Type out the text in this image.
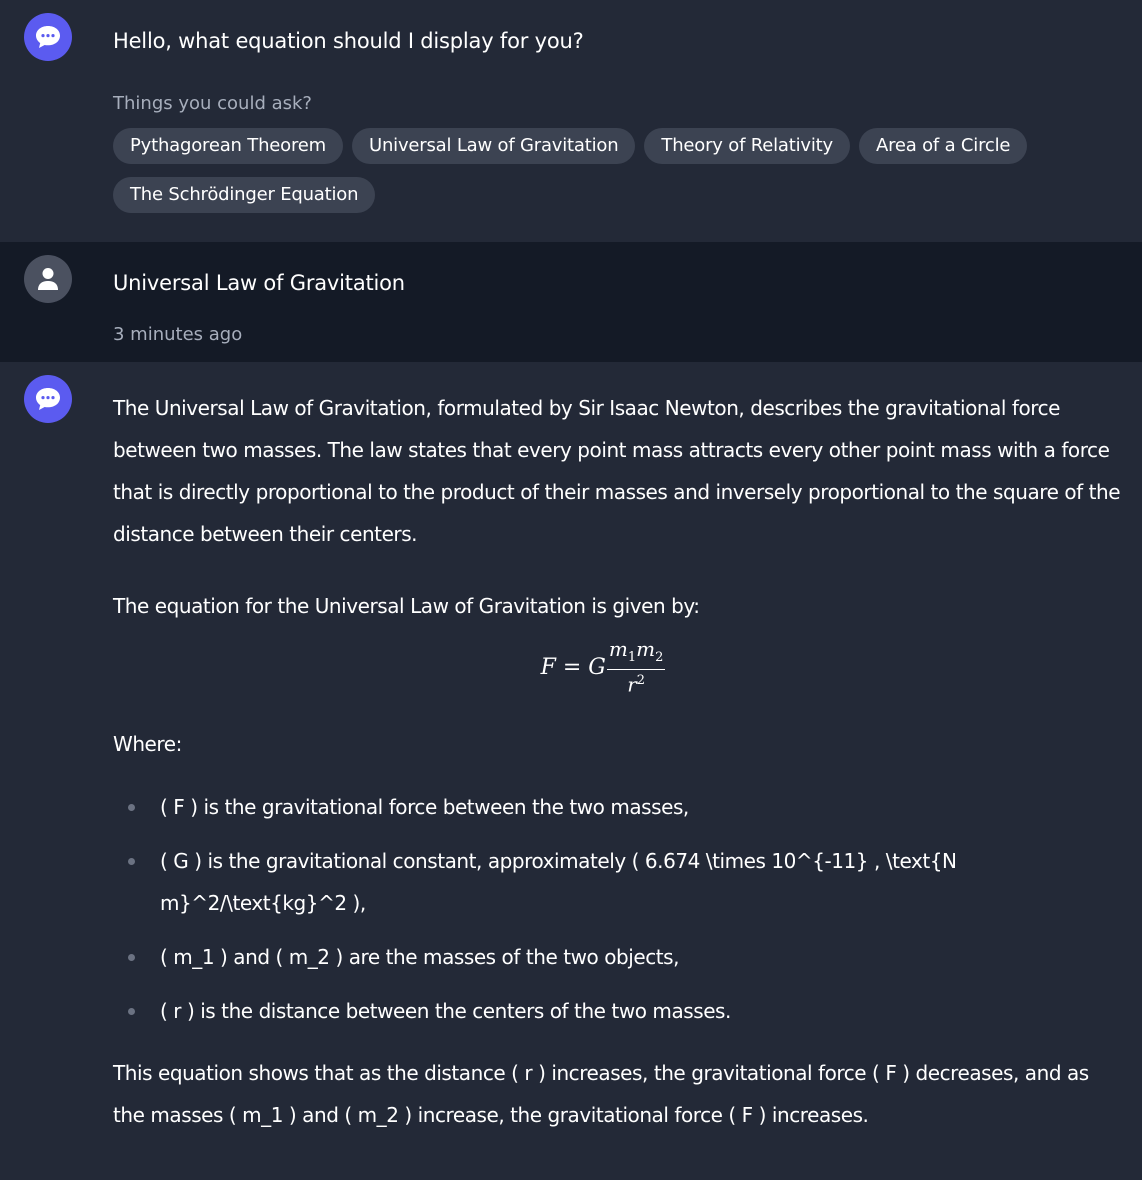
Hello, what equation should I display for you?
Things you could ask?
Pythagorean Theorem	Universal Law of Gravitation	Theory of Relativity	Area of a Circle
The Schrödinger Equation
Universal Law of Gravitation
3 minutes ago

The Universal Law of Gravitation, formulated by Sir Isaac Newton, describes the gravitational force between two masses. The law states that every point mass attracts every other point mass with a force that is directly proportional to the product of their masses and inversely proportional to the square of the distance between their centers.

The equation for the Universal Law of Gravitation is given by:

F = G $\frac{m_1m_2}{r^2}$

Where:

( F ) is the gravitational force between the two masses,
( G ) is the gravitational constant, approximately ( 6.674 \times 10^{-11} , \text{N m}^2/\text{kg}^2 ),
( m_1 ) and ( m_2 ) are the masses of the two objects,
( r ) is the distance between the centers of the two masses.

This equation shows that as the distance ( r ) increases, the gravitational force ( F ) decreases, and as the masses ( m_1 ) and ( m_2 ) increase, the gravitational force ( F ) increases.
